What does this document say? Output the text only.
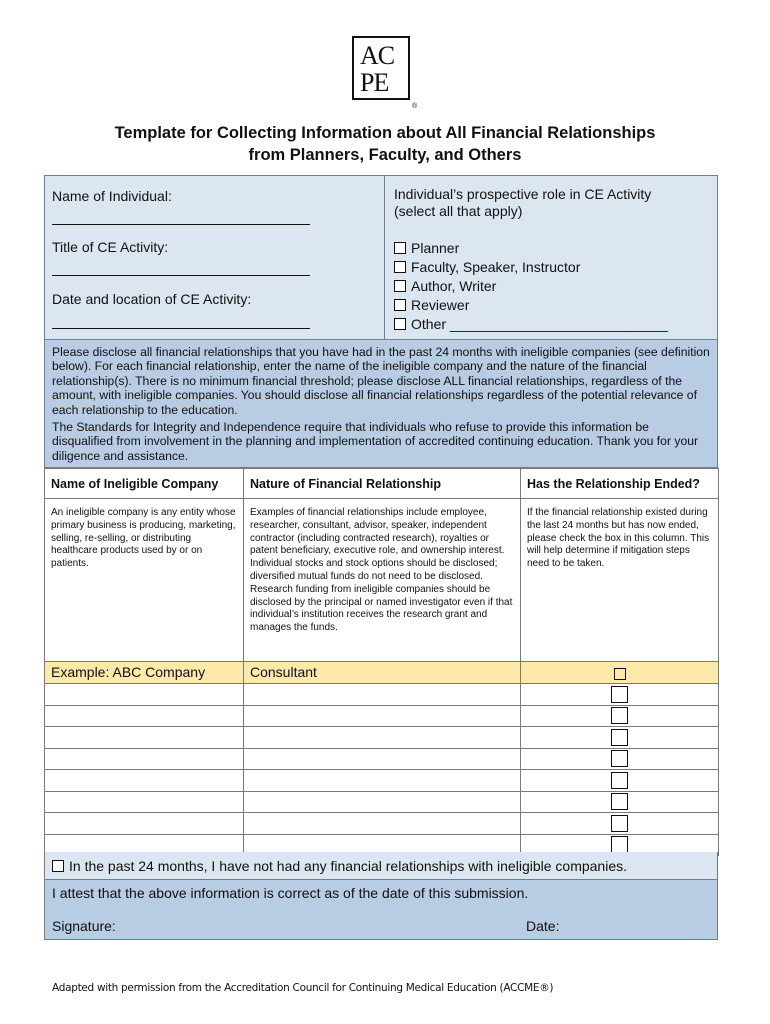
AC
PE
®
Template for Collecting Information about All Financial Relationships
from Planners, Faculty, and Others
Name of Individual:
Title of CE Activity:
Date and location of CE Activity:
Individual’s prospective role in CE Activity
(select all that apply)
Planner
Faculty, Speaker, Instructor
Author, Writer
Reviewer
Other ____________________________

Please disclose all financial relationships that you have had in the past 24 months with ineligible companies (see definition below). For each financial relationship, enter the name of the ineligible company and the nature of the financial relationship(s). There is no minimum financial threshold; please disclose ALL financial relationships, regardless of the amount, with ineligible companies. You should disclose all financial relationships regardless of the potential relevance of each relationship to the education.

The Standards for Integrity and Independence require that individuals who refuse to provide this information be disqualified from involvement in the planning and implementation of accredited continuing education. Thank you for your diligence and assistance.

Name of Ineligible Company	Nature of Financial Relationship	Has the Relationship Ended?
An ineligible company is any entity whose primary business is producing, marketing, selling, re-selling, or distributing healthcare products used by or on patients.	Examples of financial relationships include employee, researcher, consultant, advisor, speaker, independent contractor (including contracted research), royalties or patent beneficiary, executive role, and ownership interest. Individual stocks and stock options should be disclosed; diversified mutual funds do not need to be disclosed. Research funding from ineligible companies should be disclosed by the principal or named investigator even if that individual’s institution receives the research grant and manages the funds.	If the financial relationship existed during the last 24 months but has now ended, please check the box in this column. This will help determine if mitigation steps need to be taken.
Example: ABC Company	Consultant	

In the past 24 months, I have not had any financial relationships with ineligible companies.
I attest that the above information is correct as of the date of this submission.
Signature:	Date:
Adapted with permission from the Accreditation Council for Continuing Medical Education (ACCME®)
